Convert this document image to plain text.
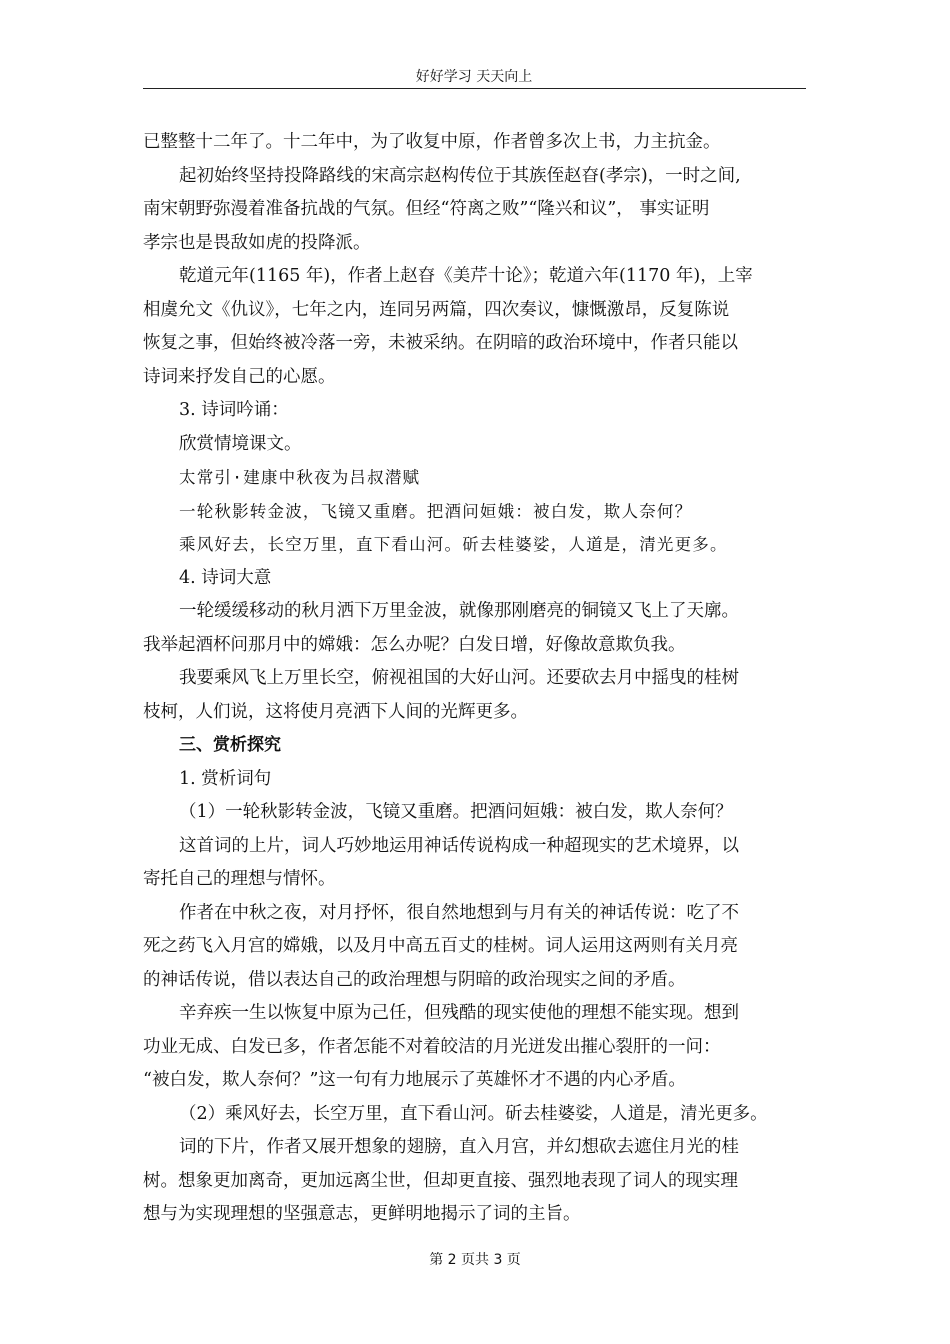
好好学习 天天向上

已整整十二年了。十二年中，为了收复中原，作者曾多次上书，力主抗金。

起初始终坚持投降路线的宋高宗赵构传位于其族侄赵昚(孝宗)，一时之间,

南宋朝野弥漫着准备抗战的气氛。但经“符离之败”“隆兴和议”， 事实证明

孝宗也是畏敌如虎的投降派。

乾道元年(1165 年)，作者上赵昚《美芹十论》；乾道六年(1170 年)，上宰

相虞允文《仇议》，七年之内，连同另两篇，四次奏议，慷慨激昂，反复陈说

恢复之事，但始终被冷落一旁，未被采纳。在阴暗的政治环境中，作者只能以

诗词来抒发自己的心愿。

3. 诗词吟诵：

欣赏情境课文。

太常引·建康中秋夜为吕叔潜赋

一轮秋影转金波，飞镜又重磨。把酒问姮娥：被白发，欺人奈何？

乘风好去，长空万里，直下看山河。斫去桂婆娑，人道是，清光更多。

4. 诗词大意

一轮缓缓移动的秋月洒下万里金波，就像那刚磨亮的铜镜又飞上了天廓。

我举起酒杯问那月中的嫦娥：怎么办呢？白发日增，好像故意欺负我。

我要乘风飞上万里长空，俯视祖国的大好山河。还要砍去月中摇曳的桂树

枝柯，人们说，这将使月亮洒下人间的光辉更多。

三、赏析探究

1. 赏析词句

（1）一轮秋影转金波，飞镜又重磨。把酒问姮娥：被白发，欺人奈何？

这首词的上片，词人巧妙地运用神话传说构成一种超现实的艺术境界，以

寄托自己的理想与情怀。

作者在中秋之夜，对月抒怀，很自然地想到与月有关的神话传说：吃了不

死之药飞入月宫的嫦娥，以及月中高五百丈的桂树。词人运用这两则有关月亮

的神话传说，借以表达自己的政治理想与阴暗的政治现实之间的矛盾。

辛弃疾一生以恢复中原为己任，但残酷的现实使他的理想不能实现。想到

功业无成、白发已多，作者怎能不对着皎洁的月光迸发出摧心裂肝的一问：

“被白发，欺人奈何？”这一句有力地展示了英雄怀才不遇的内心矛盾。

（2）乘风好去，长空万里，直下看山河。斫去桂婆娑，人道是，清光更多。

词的下片，作者又展开想象的翅膀，直入月宫，并幻想砍去遮住月光的桂

树。想象更加离奇，更加远离尘世，但却更直接、强烈地表现了词人的现实理

想与为实现理想的坚强意志，更鲜明地揭示了词的主旨。

第 2 页共 3 页
